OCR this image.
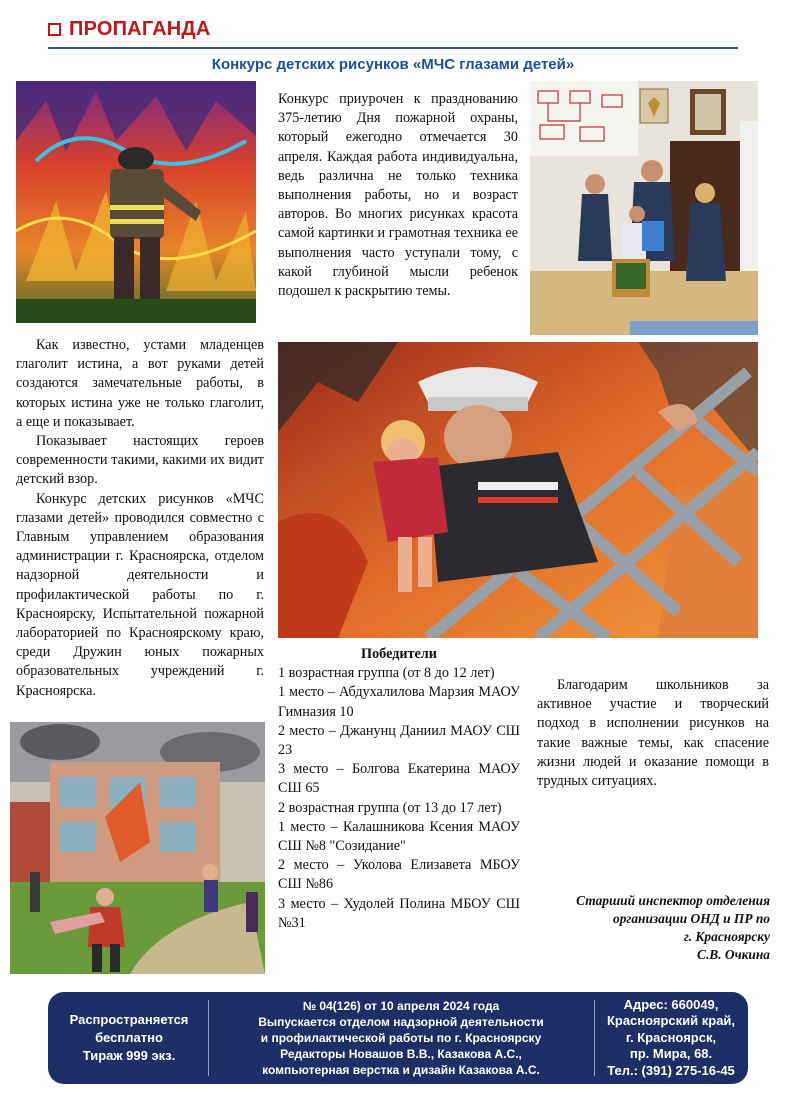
ПРОПАГАНДА
Конкурс детских рисунков «МЧС глазами детей»

Конкурс приурочен к празднованию 375-летию Дня пожарной охраны, который ежегодно отмечается 30 апреля. Каждая работа индивидуальна, ведь различна не только техника выполнения работы, но и возраст авторов. Во многих рисунках красота самой картинки и грамотная техника ее выполнения часто уступали тому, с какой глубиной мысли ребенок подошел к раскрытию темы.

Как известно, устами младенцев глаголит истина, а вот руками детей создаются замечательные работы, в которых истина уже не только глаголит, а еще и показывает.

Показывает настоящих героев современности такими, какими их видит детский взор.

Конкурс детских рисунков «МЧС глазами детей» проводился совместно с Главным управлением образования администрации г. Красноярска, отделом надзорной деятельности и профилактической работы по г. Красноярску, Испытательной пожарной лабораторией по Красноярскому краю, среди Дружин юных пожарных образовательных учреждений г. Красноярска.

Победители
1 возрастная группа (от 8 до 12 лет)
1 место – Абдухалилова Марзия МАОУ Гимназия 10
2 место – Джанунц Даниил МАОУ СШ 23
3 место – Болгова Екатерина МАОУ СШ 65
2 возрастная группа (от 13 до 17 лет)
1 место – Калашникова Ксения МАОУ СШ №8 "Созидание"
2 место – Уколова Елизавета МБОУ СШ №86
3 место – Худолей Полина МБОУ СШ №31

Благодарим школьников за активное участие и творческий подход в исполнении рисунков на такие важные темы, как спасение жизни людей и оказание помощи в трудных ситуациях.

Старший инспектор отделения
организации ОНД и ПР по
г. Красноярску
С.В. Очкина
Распространяется
бесплатно
Тираж 999 экз.
№ 04(126) от 10 апреля 2024 года
Выпускается отделом надзорной деятельности
и профилактической работы по г. Красноярску
Редакторы Новашов В.В., Казакова А.С.,
компьютерная верстка и дизайн Казакова А.С.
Адрес: 660049,
Красноярский край,
г. Красноярск,
пр. Мира, 68.
Тел.: (391) 275-16-45
